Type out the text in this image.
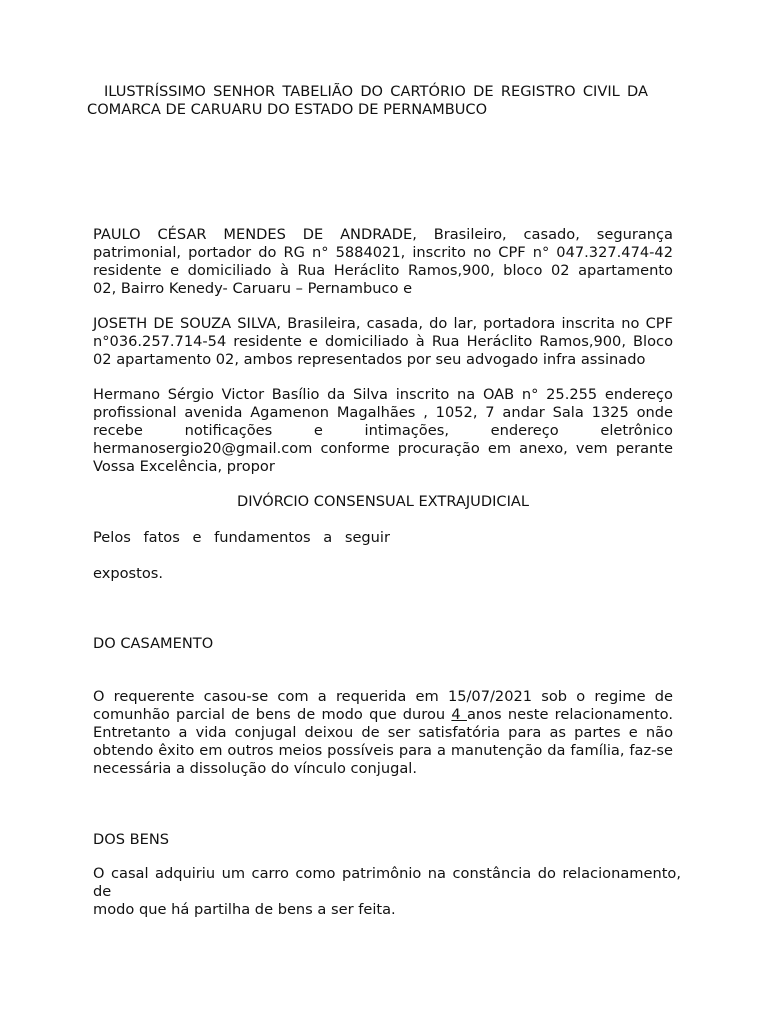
ILUSTRÍSSIMO SENHOR TABELIÃO DO CARTÓRIO DE REGISTRO CIVIL DA
COMARCA DE CARUARU DO ESTADO DE PERNAMBUCO
PAULO CÉSAR MENDES DE ANDRADE, Brasileiro, casado, segurança
patrimonial, portador do RG n° 5884021, inscrito no CPF n° 047.327.474-42
residente e domiciliado à Rua Heráclito Ramos,900, bloco 02 apartamento
02, Bairro Kenedy- Caruaru – Pernambuco e
JOSETH DE SOUZA SILVA, Brasileira, casada, do lar, portadora inscrita no CPF
n°036.257.714-54 residente e domiciliado à Rua Heráclito Ramos,900, Bloco
02 apartamento 02, ambos representados por seu advogado infra assinado
Hermano Sérgio Victor Basílio da Silva inscrito na OAB n° 25.255 endereço
profissional avenida Agamenon Magalhães , 1052, 7 andar Sala 1325 onde
recebe notificações e intimações, endereço eletrônico
hermanosergio20@gmail.com conforme procuração em anexo, vem perante
Vossa Excelência, propor
DIVÓRCIO CONSENSUAL EXTRAJUDICIAL
Pelos fatos e fundamentos a seguir
expostos.
DO CASAMENTO
O requerente casou-se com a requerida em 15/07/2021 sob o regime de
comunhão parcial de bens de modo que durou 4 anos neste relacionamento.
Entretanto a vida conjugal deixou de ser satisfatória para as partes e não
obtendo êxito em outros meios possíveis para a manutenção da família, faz-se
necessária a dissolução do vínculo conjugal.
DOS BENS
O casal adquiriu um carro como patrimônio na constância do relacionamento, de
modo que há partilha de bens a ser feita.
